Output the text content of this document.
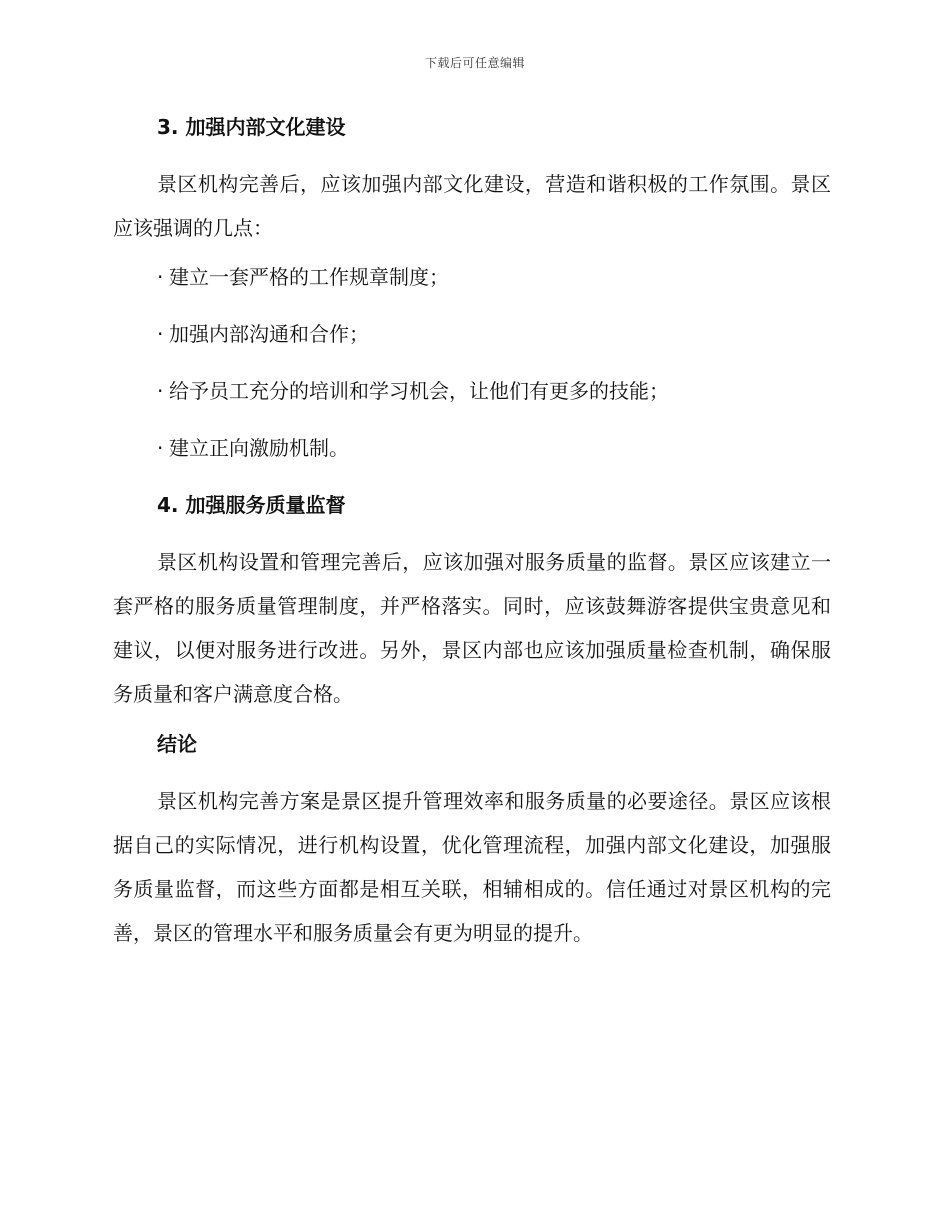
下载后可任意编辑
3. 加强内部文化建设
景区机构完善后，应该加强内部文化建设，营造和谐积极的工作氛围。景区应该强调的几点：
· 建立一套严格的工作规章制度；
· 加强内部沟通和合作；
· 给予员工充分的培训和学习机会，让他们有更多的技能；
· 建立正向激励机制。
4. 加强服务质量监督
景区机构设置和管理完善后，应该加强对服务质量的监督。景区应该建立一套严格的服务质量管理制度，并严格落实。同时，应该鼓舞游客提供宝贵意见和建议，以便对服务进行改进。另外，景区内部也应该加强质量检查机制，确保服务质量和客户满意度合格。
结论
景区机构完善方案是景区提升管理效率和服务质量的必要途径。景区应该根据自己的实际情况，进行机构设置，优化管理流程，加强内部文化建设，加强服务质量监督，而这些方面都是相互关联，相辅相成的。信任通过对景区机构的完善，景区的管理水平和服务质量会有更为明显的提升。
